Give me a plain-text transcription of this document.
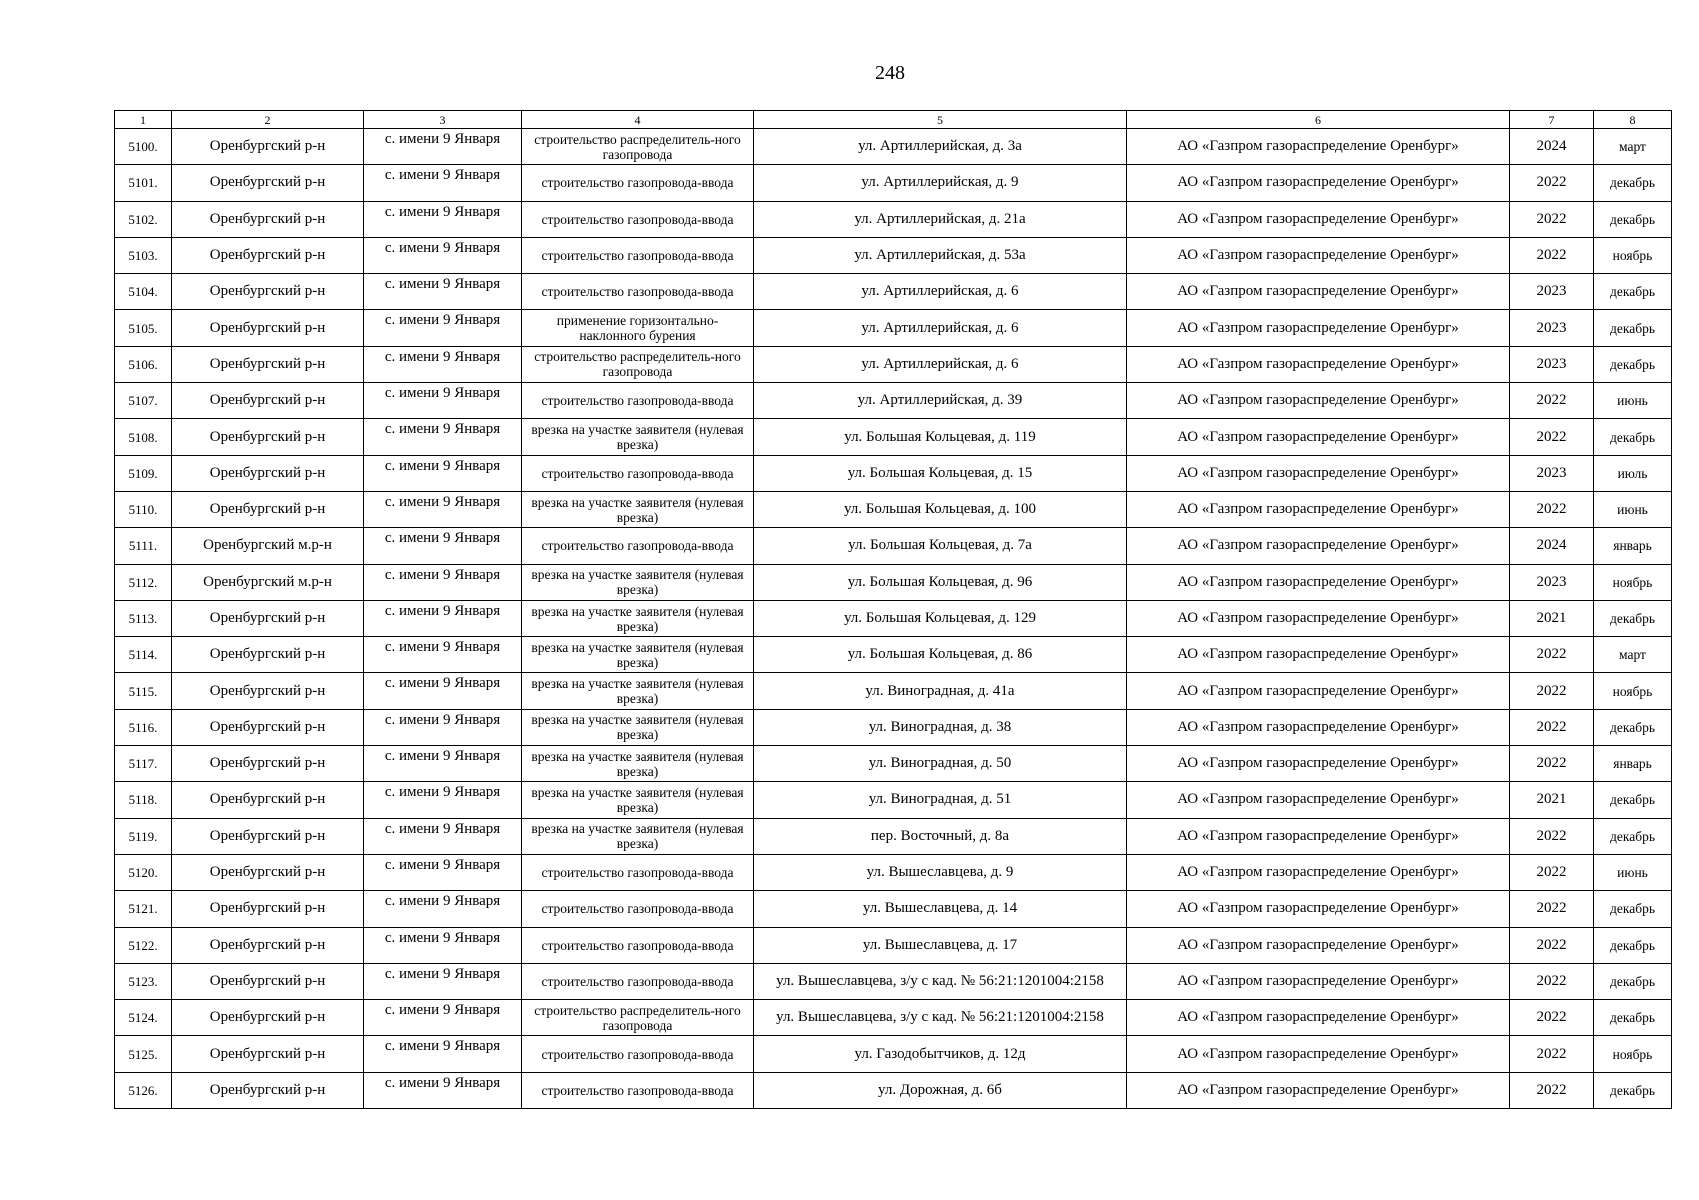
248
1	2	3	4	5	6	7	8
5100.	Оренбургский р-н	с. имени 9 Января	строительство распределитель-ного газопровода	ул. Артиллерийская, д. 3а	АО «Газпром газораспределение Оренбург»	2024	март
5101.	Оренбургский р-н	с. имени 9 Января	строительство газопровода-ввода	ул. Артиллерийская, д. 9	АО «Газпром газораспределение Оренбург»	2022	декабрь
5102.	Оренбургский р-н	с. имени 9 Января	строительство газопровода-ввода	ул. Артиллерийская, д. 21а	АО «Газпром газораспределение Оренбург»	2022	декабрь
5103.	Оренбургский р-н	с. имени 9 Января	строительство газопровода-ввода	ул. Артиллерийская, д. 53а	АО «Газпром газораспределение Оренбург»	2022	ноябрь
5104.	Оренбургский р-н	с. имени 9 Января	строительство газопровода-ввода	ул. Артиллерийская, д. 6	АО «Газпром газораспределение Оренбург»	2023	декабрь
5105.	Оренбургский р-н	с. имени 9 Января	применение горизонтально-наклонного бурения	ул. Артиллерийская, д. 6	АО «Газпром газораспределение Оренбург»	2023	декабрь
5106.	Оренбургский р-н	с. имени 9 Января	строительство распределитель-ного газопровода	ул. Артиллерийская, д. 6	АО «Газпром газораспределение Оренбург»	2023	декабрь
5107.	Оренбургский р-н	с. имени 9 Января	строительство газопровода-ввода	ул. Артиллерийская, д. 39	АО «Газпром газораспределение Оренбург»	2022	июнь
5108.	Оренбургский р-н	с. имени 9 Января	врезка на участке заявителя (нулевая врезка)	ул. Большая Кольцевая, д. 119	АО «Газпром газораспределение Оренбург»	2022	декабрь
5109.	Оренбургский р-н	с. имени 9 Января	строительство газопровода-ввода	ул. Большая Кольцевая, д. 15	АО «Газпром газораспределение Оренбург»	2023	июль
5110.	Оренбургский р-н	с. имени 9 Января	врезка на участке заявителя (нулевая врезка)	ул. Большая Кольцевая, д. 100	АО «Газпром газораспределение Оренбург»	2022	июнь
5111.	Оренбургский м.р-н	с. имени 9 Января	строительство газопровода-ввода	ул. Большая Кольцевая, д. 7а	АО «Газпром газораспределение Оренбург»	2024	январь
5112.	Оренбургский м.р-н	с. имени 9 Января	врезка на участке заявителя (нулевая врезка)	ул. Большая Кольцевая, д. 96	АО «Газпром газораспределение Оренбург»	2023	ноябрь
5113.	Оренбургский р-н	с. имени 9 Января	врезка на участке заявителя (нулевая врезка)	ул. Большая Кольцевая, д. 129	АО «Газпром газораспределение Оренбург»	2021	декабрь
5114.	Оренбургский р-н	с. имени 9 Января	врезка на участке заявителя (нулевая врезка)	ул. Большая Кольцевая, д. 86	АО «Газпром газораспределение Оренбург»	2022	март
5115.	Оренбургский р-н	с. имени 9 Января	врезка на участке заявителя (нулевая врезка)	ул. Виноградная, д. 41а	АО «Газпром газораспределение Оренбург»	2022	ноябрь
5116.	Оренбургский р-н	с. имени 9 Января	врезка на участке заявителя (нулевая врезка)	ул. Виноградная, д. 38	АО «Газпром газораспределение Оренбург»	2022	декабрь
5117.	Оренбургский р-н	с. имени 9 Января	врезка на участке заявителя (нулевая врезка)	ул. Виноградная, д. 50	АО «Газпром газораспределение Оренбург»	2022	январь
5118.	Оренбургский р-н	с. имени 9 Января	врезка на участке заявителя (нулевая врезка)	ул. Виноградная, д. 51	АО «Газпром газораспределение Оренбург»	2021	декабрь
5119.	Оренбургский р-н	с. имени 9 Января	врезка на участке заявителя (нулевая врезка)	пер. Восточный, д. 8а	АО «Газпром газораспределение Оренбург»	2022	декабрь
5120.	Оренбургский р-н	с. имени 9 Января	строительство газопровода-ввода	ул. Вышеславцева, д. 9	АО «Газпром газораспределение Оренбург»	2022	июнь
5121.	Оренбургский р-н	с. имени 9 Января	строительство газопровода-ввода	ул. Вышеславцева, д. 14	АО «Газпром газораспределение Оренбург»	2022	декабрь
5122.	Оренбургский р-н	с. имени 9 Января	строительство газопровода-ввода	ул. Вышеславцева, д. 17	АО «Газпром газораспределение Оренбург»	2022	декабрь
5123.	Оренбургский р-н	с. имени 9 Января	строительство газопровода-ввода	ул. Вышеславцева, з/у с кад. № 56:21:1201004:2158	АО «Газпром газораспределение Оренбург»	2022	декабрь
5124.	Оренбургский р-н	с. имени 9 Января	строительство распределитель-ного газопровода	ул. Вышеславцева, з/у с кад. № 56:21:1201004:2158	АО «Газпром газораспределение Оренбург»	2022	декабрь
5125.	Оренбургский р-н	с. имени 9 Января	строительство газопровода-ввода	ул. Газодобытчиков, д. 12д	АО «Газпром газораспределение Оренбург»	2022	ноябрь
5126.	Оренбургский р-н	с. имени 9 Января	строительство газопровода-ввода	ул. Дорожная, д. 6б	АО «Газпром газораспределение Оренбург»	2022	декабрь
